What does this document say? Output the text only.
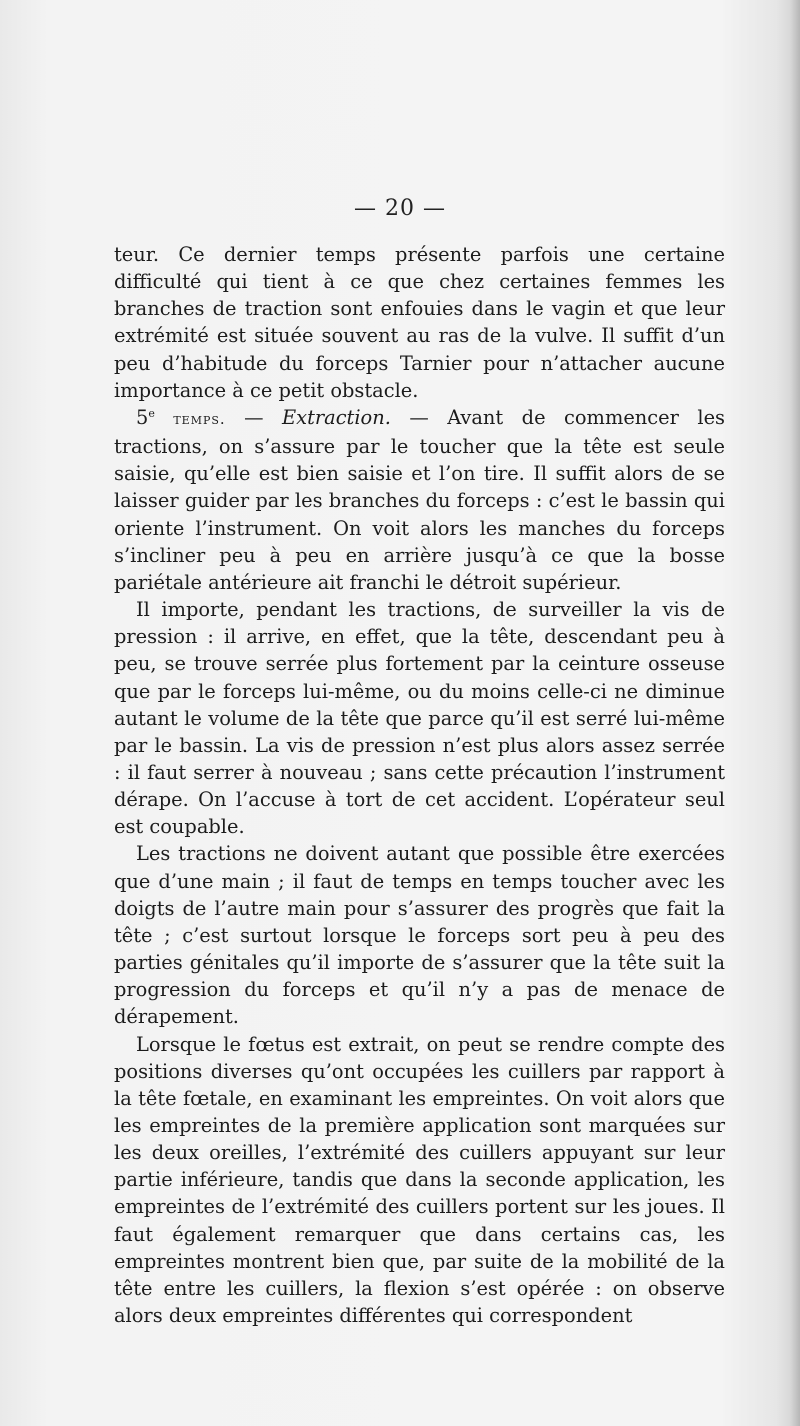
— 20 —

teur. Ce dernier temps présente parfois une certaine difficulté qui tient à ce que chez certaines femmes les branches de traction sont enfouies dans le vagin et que leur extrémité est située souvent au ras de la vulve. Il suffit d’un peu d’habitude du forceps Tarnier pour n’attacher aucune importance à ce petit obstacle.

5e temps. — Extraction. — Avant de commencer les tractions, on s’assure par le toucher que la tête est seule saisie, qu’elle est bien saisie et l’on tire. Il suffit alors de se laisser guider par les branches du forceps : c’est le bassin qui oriente l’instrument. On voit alors les manches du forceps s’incliner peu à peu en arrière jusqu’à ce que la bosse pariétale antérieure ait franchi le détroit supérieur.

Il importe, pendant les tractions, de surveiller la vis de pression : il arrive, en effet, que la tête, descendant peu à peu, se trouve serrée plus fortement par la ceinture osseuse que par le forceps lui-même, ou du moins celle-ci ne diminue autant le volume de la tête que parce qu’il est serré lui-même par le bassin. La vis de pression n’est plus alors assez serrée : il faut serrer à nouveau ; sans cette précaution l’instrument dérape. On l’accuse à tort de cet accident. L’opérateur seul est coupable.

Les tractions ne doivent autant que possible être exercées que d’une main ; il faut de temps en temps toucher avec les doigts de l’autre main pour s’assurer des progrès que fait la tête ; c’est surtout lorsque le forceps sort peu à peu des parties génitales qu’il importe de s’assurer que la tête suit la progression du forceps et qu’il n’y a pas de menace de dérapement.

Lorsque le fœtus est extrait, on peut se rendre compte des positions diverses qu’ont occupées les cuillers par rapport à la tête fœtale, en examinant les empreintes. On voit alors que les empreintes de la première application sont marquées sur les deux oreilles, l’extrémité des cuillers appuyant sur leur partie inférieure, tandis que dans la seconde application, les empreintes de l’extrémité des cuillers portent sur les joues. Il faut également remarquer que dans certains cas, les empreintes montrent bien que, par suite de la mobilité de la tête entre les cuillers, la flexion s’est opérée : on observe alors deux empreintes différentes qui correspondent
